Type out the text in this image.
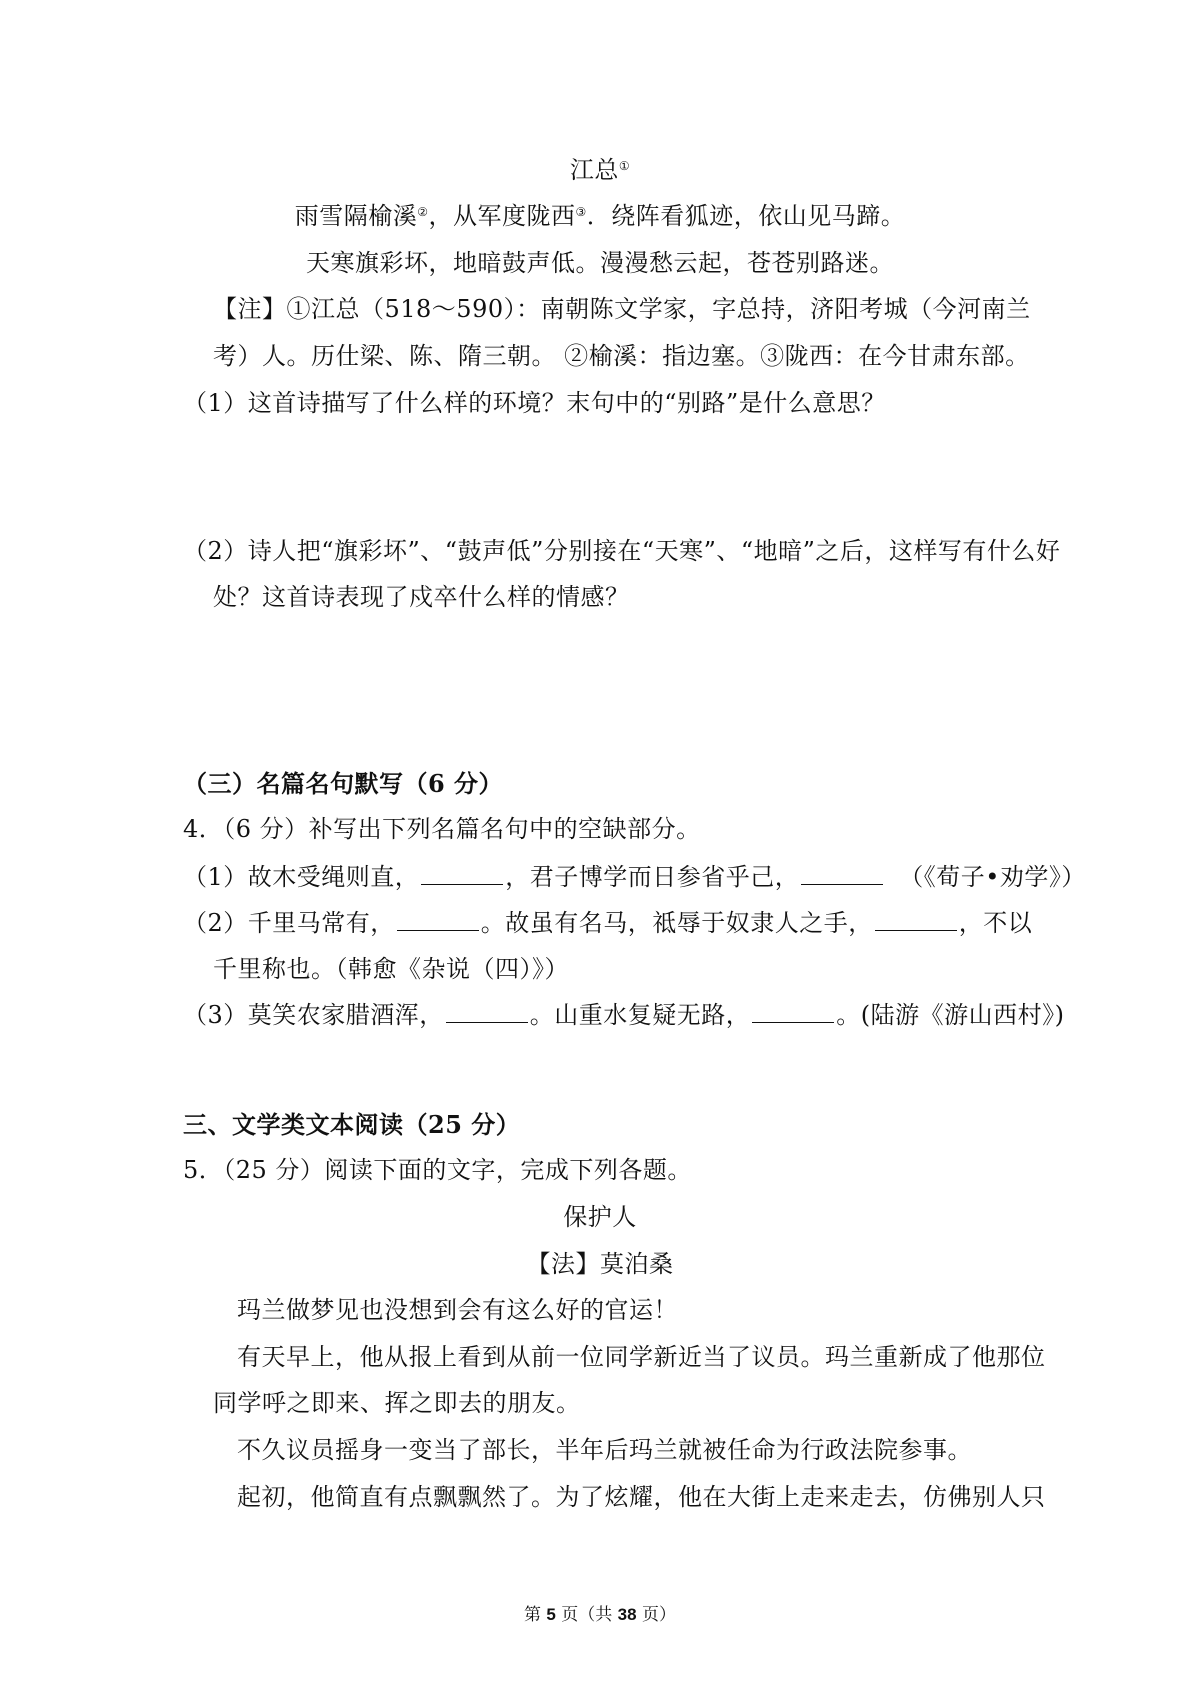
江总①
雨雪隔榆溪②，从军度陇西③．绕阵看狐迹，依山见马蹄。
天寒旗彩坏，地暗鼓声低。漫漫愁云起，苍苍别路迷。
【注】①江总（518～590）：南朝陈文学家，字总持，济阳考城（今河南兰
考）人。历仕梁、陈、隋三朝。 ②榆溪：指边塞。③陇西：在今甘肃东部。
（1）这首诗描写了什么样的环境？末句中的“别路”是什么意思？
（2）诗人把“旗彩坏”、“鼓声低”分别接在“天寒”、“地暗”之后，这样写有什么好
处？这首诗表现了戍卒什么样的情感？
（三）名篇名句默写（6 分）
4．（6 分）补写出下列名篇名句中的空缺部分。
（1）故木受绳则直，	，君子博学而日参省乎己，	（《荀子•劝学》）
（2）千里马常有，	。故虽有名马，祗辱于奴隶人之手，	，不以
千里称也。（韩愈《杂说（四）》）
（3）莫笑农家腊酒浑，	。山重水复疑无路，	。(陆游《游山西村》)
三、文学类文本阅读（25 分）
5．（25 分）阅读下面的文字，完成下列各题。
保护人
【法】莫泊桑
玛兰做梦见也没想到会有这么好的官运！
有天早上，他从报上看到从前一位同学新近当了议员。玛兰重新成了他那位
同学呼之即来、挥之即去的朋友。
不久议员摇身一变当了部长，半年后玛兰就被任命为行政法院参事。
起初，他简直有点飘飘然了。为了炫耀，他在大街上走来走去，仿佛别人只
第 5 页（共 38 页）
